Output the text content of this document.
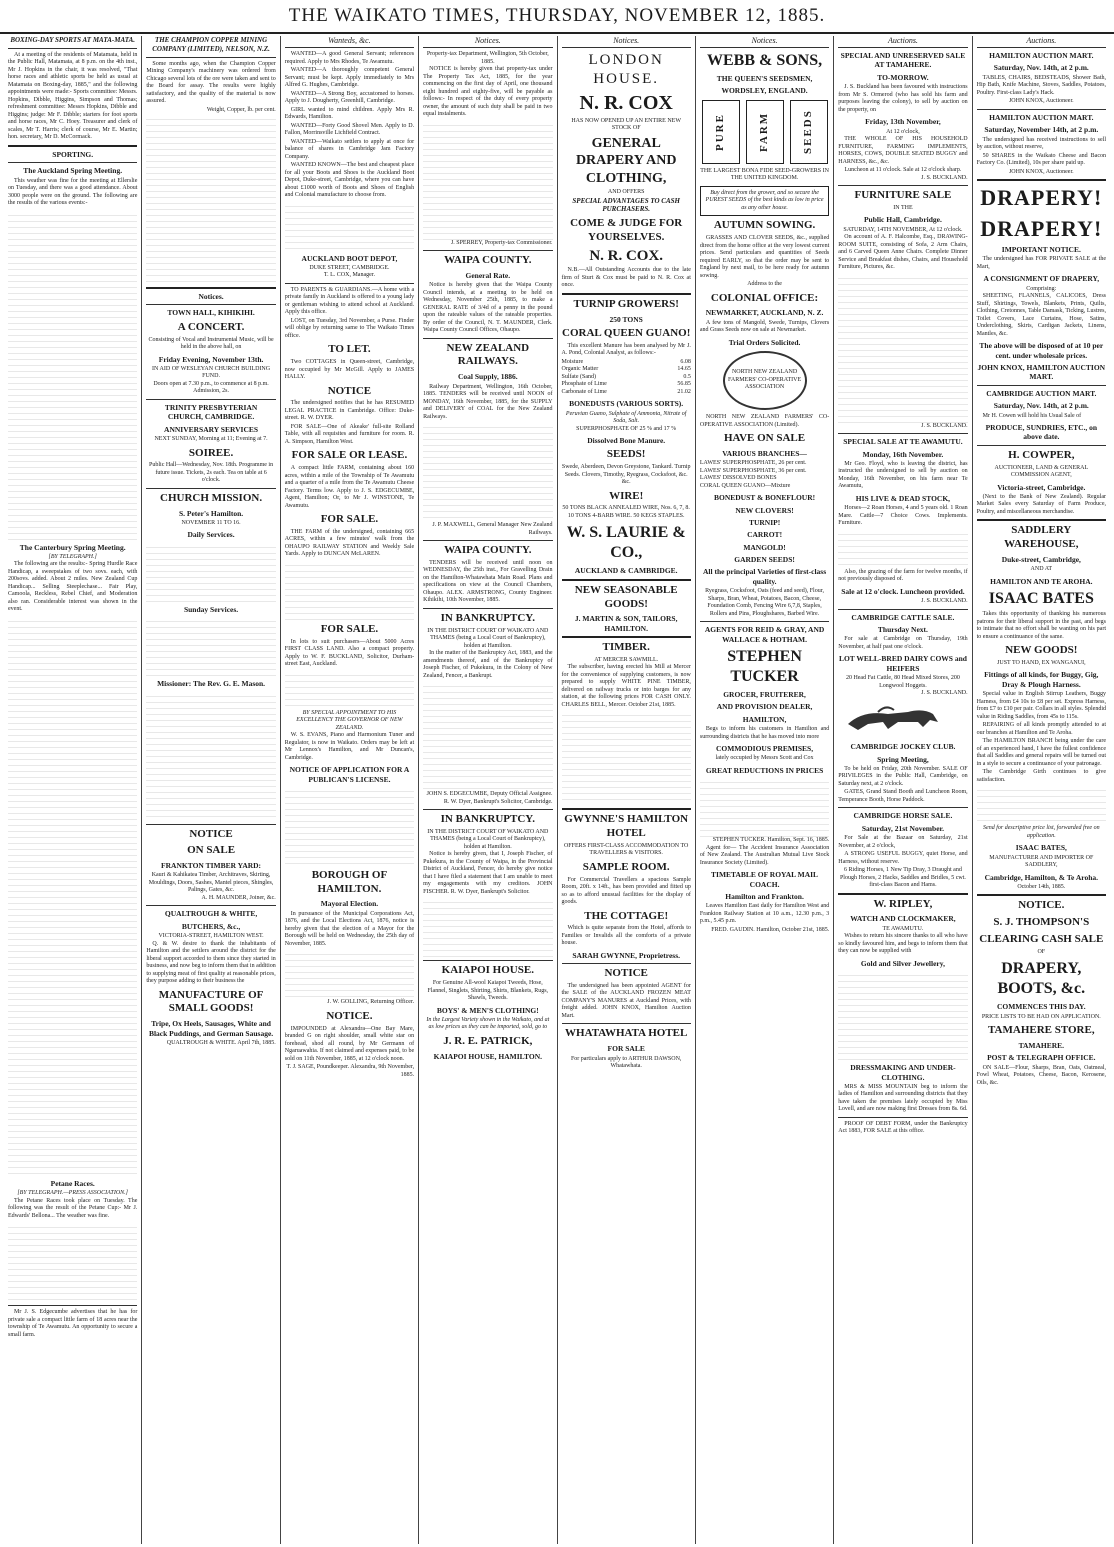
THE WAIKATO TIMES, THURSDAY, NOVEMBER 12, 1885.
BOXING-DAY SPORTS AT MATA-MATA.

At a meeting of the residents of Matamata, held in the Public Hall, Matamata, at 8 p.m. on the 4th inst., Mr J. Hopkins in the chair, it was resolved, "That horse races and athletic sports be held as usual at Matamata on Boxing-day, 1885," and the following appointments were made:- Sports committee: Messrs. Hopkins, Dibble, Higgins, Simpson and Thomas; refreshment committee: Messrs Hopkins, Dibble and Higgins; judge: Mr F. Dibble; starters for foot sports and horse races, Mr C. Hoey. Treasurer and clerk of scales, Mr T. Harris; clerk of course, Mr E. Martin; hon. secretary, Mr D. McCormack.

SPORTING.
The Auckland Spring Meeting.

This weather was fine for the meeting at Ellerslie on Tuesday, and there was a good attendance. About 3000 people were on the ground. The following are the results of the various events:-

The Canterbury Spring Meeting.
[BY TELEGRAPH.]

The following are the results:- Spring Hurdle Race Handicap, a sweepstakes of two sovs. each, with 200sovs. added. About 2 miles. New Zealand Cup Handicap... Selling Steeplechase... Fair Play, Camoola, Reckless, Rebel Chief, and Moderation also ran. Considerable interest was shown in the event.

Petane Races.
[BY TELEGRAPH.—PRESS ASSOCIATION.]

The Petane Races took place on Tuesday. The following was the result of the Petane Cup:- Mr J. Edwards' Bellona... The weather was fine.

Mr J. S. Edgecumbe advertises that he has for private sale a compact little farm of 18 acres near the township of Te Awamutu. An opportunity to secure a small farm.

THE CHAMPION COPPER MINING COMPANY (LIMITED), NELSON, N.Z.

Some months ago, when the Champion Copper Mining Company's machinery was ordered from Chicago several lots of the ore were taken and sent to the Board for assay. The results were highly satisfactory, and the quality of the material is now assured.

Weight, Copper, lb. per cent.
Notices.
TOWN HALL, KIHIKIHI.
A CONCERT.
Consisting of Vocal and Instrumental Music, will be held in the above hall, on
Friday Evening, November 13th.
IN AID OF WESLEYAN CHURCH BUILDING FUND.
Doors open at 7.30 p.m., to commence at 8 p.m.
Admission, 2s.
TRINITY PRESBYTERIAN CHURCH, CAMBRIDGE.
ANNIVERSARY SERVICES
NEXT SUNDAY, Morning at 11; Evening at 7.
SOIREE.
Public Hall—Wednesday, Nov. 18th. Programme in future issue. Tickets, 2s each. Tea on table at 6 o'clock.
CHURCH MISSION.
S. Peter's Hamilton.
NOVEMBER 11 TO 16.
Daily Services.
Sunday Services.
Missioner: The Rev. G. E. Mason.
NOTICE
ON SALE
FRANKTON TIMBER YARD:
Kauri & Kahikatea Timber, Architraves, Skirting, Mouldings, Doors, Sashes, Mantel pieces, Shingles, Palings, Gates, &c.
A. H. MAUNDER, Joiner, &c.
QUALTROUGH & WHITE,
BUTCHERS, &c.,
VICTORIA-STREET, HAMILTON WEST.

Q. & W. desire to thank the inhabitants of Hamilton and the settlers around the district for the liberal support accorded to them since they started in business, and now beg to inform them that in addition to supplying meat of first quality at reasonable prices, they purpose adding to their business the

MANUFACTURE OF SMALL GOODS!
Tripe, Ox Heels, Sausages, White and Black Puddings, and German Sausage.
QUALTROUGH & WHITE. April 7th, 1885.
Wanteds, &c.

WANTED—A good General Servant; references required. Apply to Mrs Rhodes, Te Awamutu.

WANTED—A thoroughly competent General Servant; must be kept. Apply immediately to Mrs Alfred G. Hughes, Cambridge.

WANTED—A Strong Boy, accustomed to horses. Apply to J. Dougherty, Greenhill, Cambridge.

GIRL wanted to mind children. Apply Mrs R. Edwards, Hamilton.

WANTED—Forty Good Shovel Men. Apply to D. Fallon, Morrinsville Lichfield Contract.

WANTED—Waikato settlers to apply at once for balance of shares in Cambridge Jam Factory Company.

WANTED KNOWN—The best and cheapest place for all your Boots and Shoes is the Auckland Boot Depot, Duke-street, Cambridge, where you can have about £1000 worth of Boots and Shoes of English and Colonial manufacture to choose from.

AUCKLAND BOOT DEPOT,
DUKE STREET, CAMBRIDGE.
T. L. COX, Manager.

TO PARENTS & GUARDIANS.—A home with a private family in Auckland is offered to a young lady or gentleman wishing to attend school at Auckland. Apply this office.

LOST, on Tuesday, 3rd November, a Purse. Finder will oblige by returning same to The Waikato Times office.

TO LET.

Two COTTAGES in Queen-street, Cambridge, now occupied by Mr McGill. Apply to JAMES HALLY.

NOTICE

The undersigned notifies that he has RESUMED LEGAL PRACTICE in Cambridge. Office: Duke-street. R. W. DYER.

FOR SALE—One of Akeake' full-site Rolland Table, with all requisites and furniture for room. R. A. Simpson, Hamilton West.

FOR SALE OR LEASE.

A compact little FARM, containing about 160 acres, within a mile of the Township of Te Awamutu and a quarter of a mile from the Te Awamutu Cheese Factory. Terms low. Apply to J. S. EDGECUMBE, Agent, Hamilton; Or, to Mr J. WINSTONE, Te Awamutu.

FOR SALE.

THE FARM of the undersigned, containing 665 ACRES, within a few minutes' walk from the OHAUPO RAILWAY STATION and Weekly Sale Yards. Apply to DUNCAN McLAREN.

FOR SALE.

In lots to suit purchasers—About 5000 Acres FIRST CLASS LAND. Also a compact property. Apply to W. F. BUCKLAND, Solicitor, Durham-street East, Auckland.

BY SPECIAL APPOINTMENT TO HIS EXCELLENCY THE GOVERNOR OF NEW ZEALAND.

W. S. EVANS, Piano and Harmonium Tuner and Regulator, is now in Waikato. Orders may be left at Mr Lennox's Hamilton, and Mr Duncan's, Cambridge.

NOTICE OF APPLICATION FOR A PUBLICAN'S LICENSE.
BOROUGH OF HAMILTON.
Mayoral Election.

In pursuance of the Municipal Corporations Act, 1876, and the Local Elections Act, 1876, notice is hereby given that the election of a Mayor for the Borough will be held on Wednesday, the 25th day of November, 1885.

J. W. GOLLING, Returning Officer.
NOTICE.

IMPOUNDED at Alexandra—One Bay Mare, branded G on right shoulder, small white star on forehead, shod all round, by Mr Germann of Ngaruawahia. If not claimed and expenses paid, to be sold on 11th November, 1885, at 12 o'clock noon.

T. J. SAGE, Poundkeeper. Alexandra, 9th November, 1885.
Notices.
Property-tax Department, Wellington, 5th October, 1885.

NOTICE is hereby given that property-tax under The Property Tax Act, 1885, for the year commencing on the first day of April, one thousand eight hundred and eighty-five, will be payable as follows:- In respect of the duty of every property owner, the amount of such duty shall be paid in two equal instalments.

J. SPERREY, Property-tax Commissioner.
WAIPA COUNTY.
General Rate.

Notice is hereby given that the Waipa County Council intends, at a meeting to be held on Wednesday, November 25th, 1885, to make a GENERAL RATE of 3/4d of a penny in the pound upon the rateable values of the rateable properties. By order of the Council, N. T. MAUNDER, Clerk. Waipa County Council Offices, Ohaupo.

NEW ZEALAND RAILWAYS.
Coal Supply, 1886.

Railway Department, Wellington, 16th October, 1885. TENDERS will be received until NOON of MONDAY, 16th November, 1885, for the SUPPLY and DELIVERY of COAL for the New Zealand Railways.

J. P. MAXWELL, General Manager New Zealand Railways.
WAIPA COUNTY.

TENDERS will be received until noon on WEDNESDAY, the 25th inst., For Gravelling Drain on the Hamilton-Whatawhata Main Road. Plans and specifications on view at the Council Chambers, Ohaupo. ALEX. ARMSTRONG, County Engineer. Kihikihi, 10th November, 1885.

IN BANKRUPTCY.
IN THE DISTRICT COURT OF WAIKATO AND THAMES (being a Local Court of Bankruptcy), holden at Hamilton.

In the matter of the Bankruptcy Act, 1883, and the amendments thereof, and of the Bankruptcy of Joseph Fischer, of Pukekura, in the Colony of New Zealand, Fencer, a Bankrupt.

JOHN S. EDGECUMBE, Deputy Official Assignee. R. W. Dyer, Bankrupt's Solicitor, Cambridge.
IN BANKRUPTCY.
IN THE DISTRICT COURT OF WAIKATO AND THAMES (being a Local Court of Bankruptcy), holden at Hamilton.

Notice is hereby given, that I, Joseph Fischer, of Pukekura, in the County of Waipa, in the Provincial District of Auckland, Fencer, do hereby give notice that I have filed a statement that I am unable to meet my engagements with my creditors. JOHN FISCHER. R. W. Dyer, Bankrupt's Solicitor.

KAIAPOI HOUSE.
For Genuine All-wool Kaiapoi Tweeds, Hose, Flannel, Singlets, Shirting, Shirts, Blankets, Rugs, Shawls, Tweeds.
BOYS' & MEN'S CLOTHING!
In the Largest Variety shown in the Waikato, and at as low prices as they can be imported, sold, go to
J. R. E. PATRICK,
KAIAPOI HOUSE, HAMILTON.
Notices.
LONDON HOUSE.
N. R. COX
HAS NOW OPENED UP AN ENTIRE NEW STOCK OF
GENERAL DRAPERY AND CLOTHING,
AND OFFERS
SPECIAL ADVANTAGES TO CASH PURCHASERS.
COME & JUDGE FOR YOURSELVES.
N. R. COX.

N.B.—All Outstanding Accounts due to the late firm of Sturt & Cox must be paid to N. R. Cox at once.

TURNIP GROWERS!
250 TONS
CORAL QUEEN GUANO!

This excellent Manure has been analysed by Mr J. A. Pond, Colonial Analyst, as follows:-

Moisture	6.08
Organic Matter	14.65
Sulfate (Sand)	0.5
Phosphate of Lime	56.85
Carbonate of Lime	21.02
BONEDUSTS (VARIOUS SORTS).
Peruvian Guano, Sulphate of Ammonia, Nitrate of Soda, Salt.
SUPERPHOSPHATE OF 25 % and 17 %
Dissolved Bone Manure.
SEEDS!
Swede, Aberdeen, Devon Greystone, Tankard. Turnip Seeds. Clovers, Timothy, Ryegrass, Cocksfoot, &c. &c.
WIRE!
50 TONS BLACK ANNEALED WIRE, Nos. 6, 7, 8. 10 TONS 4-BARB WIRE. 50 KEGS STAPLES.
W. S. LAURIE & CO.,
AUCKLAND & CAMBRIDGE.
NEW SEASONABLE GOODS!
J. MARTIN & SON, TAILORS, HAMILTON.
TIMBER.
AT MERCER SAWMILL.

The subscriber, having erected his Mill at Mercer for the convenience of supplying customers, is now prepared to supply WHITE PINE TIMBER, delivered on railway trucks or into barges for any station, at the following prices FOR CASH ONLY. CHARLES BELL, Mercer. October 21st, 1885.

GWYNNE'S HAMILTON HOTEL
OFFERS FIRST-CLASS ACCOMMODATION TO TRAVELLERS & VISITORS.
SAMPLE ROOM.

For Commercial Travellers a spacious Sample Room, 20ft. x 14ft., has been provided and fitted up so as to afford unusual facilities for the display of goods.

THE COTTAGE!

Which is quite separate from the Hotel, affords to Families or Invalids all the comforts of a private house.

SARAH GWYNNE, Proprietress.
NOTICE

The undersigned has been appointed AGENT for the SALE of the AUCKLAND FROZEN MEAT COMPANY'S MANURES at Auckland Prices, with freight added. JOHN KNOX, Hamilton Auction Mart.

WHATAWHATA HOTEL
FOR SALE
For particulars apply to ARTHUR DAWSON, Whatawhata.
Notices.
WEBB & SONS,
THE QUEEN'S SEEDSMEN,
WORDSLEY, ENGLAND.
PURE	FARM	SEEDS
THE LARGEST BONA FIDE SEED-GROWERS IN THE UNITED KINGDOM.
Buy direct from the grower, and so secure the PUREST SEEDS of the best kinds as low in price as any other house.
AUTUMN SOWING.

GRASSES AND CLOVER SEEDS, &c., supplied direct from the home office at the very lowest current prices. Send particulars and quantities of Seeds required EARLY, so that the order may be sent to England by next mail, to be here ready for autumn sowing.

Address to the
COLONIAL OFFICE:
NEWMARKET, AUCKLAND, N. Z.

A few tons of Mangold, Swede, Turnips, Clovers and Grass Seeds now on sale at Newmarket.

Trial Orders Solicited.
NORTH NEW ZEALAND FARMERS' CO-OPERATIVE ASSOCIATION

NORTH NEW ZEALAND FARMERS' CO-OPERATIVE ASSOCIATION (Limited).

HAVE ON SALE
VARIOUS BRANCHES—
LAWES' SUPERPHOSPHATE, 26 per cent.
LAWES' SUPERPHOSPHATE, 36 per cent.
LAWES' DISSOLVED BONES
CORAL QUEEN GUANO—Mixture
BONEDUST & BONEFLOUR!
NEW CLOVERS!
TURNIP!
CARROT!
MANGOLD!
GARDEN SEEDS!
All the principal Varieties of first-class quality.
Ryegrass, Cocksfoot, Oats (feed and seed), Flour, Sharps, Bran, Wheat, Potatoes, Bacon, Cheese, Foundation Comb, Fencing Wire 6,7,8, Staples, Rollers and Pins, Ploughshares, Barbed Wire.
AGENTS FOR REID & GRAY, AND WALLACE & HOTHAM.
STEPHEN TUCKER
GROCER, FRUITERER,
AND PROVISION DEALER,
HAMILTON,

Begs to inform his customers in Hamilton and surrounding districts that he has moved into more

COMMODIOUS PREMISES,
lately occupied by Messrs Scott and Cox
GREAT REDUCTIONS IN PRICES
STEPHEN TUCKER. Hamilton, Sept. 16, 1885.

Agent for— The Accident Insurance Association of New Zealand. The Australian Mutual Live Stock Insurance Society (Limited).

TIMETABLE OF ROYAL MAIL COACH.
Hamilton and Frankton.

Leaves Hamilton East daily for Hamilton West and Frankton Railway Station at 10 a.m., 12.30 p.m., 3 p.m., 5.45 p.m.

FRED. GAUDIN. Hamilton, October 21st, 1885.
Auctions.
SPECIAL AND UNRESERVED SALE AT TAMAHERE.
TO-MORROW.

J. S. Buckland has been favoured with instructions from Mr S. Ormerod (who has sold his farm and purposes leaving the colony), to sell by auction on the property, on

Friday, 13th November,
At 12 o'clock,

THE WHOLE OF HIS HOUSEHOLD FURNITURE, FARMING IMPLEMENTS, HORSES, COWS, DOUBLE SEATED BUGGY and HARNESS, &c., &c.

Luncheon at 11 o'clock. Sale at 12 o'clock sharp.
J. S. BUCKLAND.
FURNITURE SALE
IN THE
Public Hall, Cambridge.
SATURDAY, 14TH NOVEMBER, At 12 o'clock.

On account of A. F. Halcombe, Esq., DRAWING-ROOM SUITE, consisting of Sofa, 2 Arm Chairs, and 6 Carved Queen Anne Chairs. Complete Dinner Service and Breakfast dishes, Chairs, and Household Furniture, Pictures, &c.

J. S. BUCKLAND.
SPECIAL SALE AT TE AWAMUTU.
Monday, 16th November.

Mr Geo. Floyd, who is leaving the district, has instructed the undersigned to sell by auction on Monday, 16th November, on his farm near Te Awamutu,

HIS LIVE & DEAD STOCK,

Horses—2 Roan Horses, 4 and 5 years old. 1 Roan Mare. Cattle—7 Choice Cows. Implements. Furniture.

Also, the grazing of the farm for twelve months, if not previously disposed of.

Sale at 12 o'clock. Luncheon provided.
J. S. BUCKLAND.
CAMBRIDGE CATTLE SALE.
Thursday Next.

For sale at Cambridge on Thursday, 19th November, at half past one o'clock.

LOT WELL-BRED DAIRY COWS and HEIFERS
20 Head Fat Cattle, 80 Head Mixed Stores, 200 Longwool Hoggets.
J. S. BUCKLAND.
CAMBRIDGE JOCKEY CLUB.
Spring Meeting,

To be held on Friday, 20th November. SALE OF PRIVILEGES in the Public Hall, Cambridge, on Saturday next, at 2 o'clock.

GATES, Grand Stand Booth and Luncheon Room, Temperance Booth, Horse Paddock.

CAMBRIDGE HORSE SALE.
Saturday, 21st November.

For Sale at the Bazaar on Saturday, 21st November, at 2 o'clock,

A STRONG USEFUL BUGGY, quiet Horse, and Harness, without reserve.

6 Riding Horses, 1 New Tip Dray, 3 Draught and Plough Horses, 2 Hacks, Saddles and Bridles, 5 cwt. first-class Bacon and Hams.
W. RIPLEY,
WATCH AND CLOCKMAKER,
TE AWAMUTU.

Wishes to return his sincere thanks to all who have so kindly favoured him, and begs to inform them that they can now be supplied with

Gold and Silver Jewellery,
DRESSMAKING AND UNDER-CLOTHING.

MRS & MISS MOUNTAIN beg to inform the ladies of Hamilton and surrounding districts that they have taken the premises lately occupied by Miss Lovell, and are now making first Dresses from 8s. 6d.

PROOF OF DEBT FORM, under the Bankruptcy Act 1883, FOR SALE at this office.

Auctions.
HAMILTON AUCTION MART.
Saturday, Nov. 14th, at 2 p.m.

TABLES, CHAIRS, BEDSTEADS, Shower Bath, Hip Bath, Knife Machine, Stoves, Saddles, Potatoes, Poultry. First-class Lady's Hack.

JOHN KNOX, Auctioneer.
HAMILTON AUCTION MART.
Saturday, November 14th, at 2 p.m.

The undersigned has received instructions to sell by auction, without reserve,

50 SHARES in the Waikato Cheese and Bacon Factory Co. (Limited), 10s per share paid up.

JOHN KNOX, Auctioneer.
DRAPERY!
DRAPERY!
IMPORTANT NOTICE.

The undersigned has FOR PRIVATE SALE at the Mart,

A CONSIGNMENT OF DRAPERY,
Comprising:

SHEETING, FLANNELS, CALICOES, Dress Stuff, Shirtings, Towels, Blankets, Prints, Quilts, Clothing, Cretonnes, Table Damask, Ticking, Lustres, Toilet Covers, Lace Curtains, Hose, Satins, Underclothing, Skirts, Cardigan Jackets, Linens, Mantles, &c.

The above will be disposed of at 10 per cent. under wholesale prices.
JOHN KNOX, HAMILTON AUCTION MART.
CAMBRIDGE AUCTION MART.
Saturday, Nov. 14th, at 2 p.m.

Mr H. Cowen will hold his Usual Sale of

PRODUCE, SUNDRIES, ETC., on above date.
H. COWPER,
AUCTIONEER, LAND & GENERAL COMMISSION AGENT,
Victoria-street, Cambridge.

(Next to the Bank of New Zealand). Regular Market Sales every Saturday of Farm Produce, Poultry, and miscellaneous merchandise.

SADDLERY WAREHOUSE,
Duke-street, Cambridge,
AND AT
HAMILTON AND TE AROHA.
ISAAC BATES

Takes this opportunity of thanking his numerous patrons for their liberal support in the past, and begs to intimate that no effort shall be wanting on his part to ensure a continuance of the same.

NEW GOODS!
JUST TO HAND, EX WANGANUI,
Fittings of all kinds, for Buggy, Gig, Dray & Plough Harness.

Special value in English Stirrup Leathers, Buggy Harness, from £4 10s to £8 per set. Express Harness, from £7 to £10 per pair. Collars in all styles. Splendid value in Riding Saddles, from 45s to 115s.

REPAIRING of all kinds promptly attended to at our branches at Hamilton and Te Aroha.

The HAMILTON BRANCH being under the care of an experienced hand, I have the fullest confidence that all Saddles and general repairs will be turned out in a style to secure a continuance of your patronage.

The Cambridge Girth continues to give satisfaction.

Send for descriptive price list, forwarded free on application.
ISAAC BATES,
MANUFACTURER AND IMPORTER OF SADDLERY,
Cambridge, Hamilton, & Te Aroha.
October 14th, 1885.
NOTICE.
S. J. THOMPSON'S
CLEARING CASH SALE
OF
DRAPERY, BOOTS, &c.
COMMENCES THIS DAY.
PRICE LISTS TO BE HAD ON APPLICATION.
TAMAHERE STORE,
TAMAHERE.
POST & TELEGRAPH OFFICE.

ON SALE—Flour, Sharps, Bran, Oats, Oatmeal, Fowl Wheat, Potatoes, Cheese, Bacon, Kerosene, Oils, &c.
